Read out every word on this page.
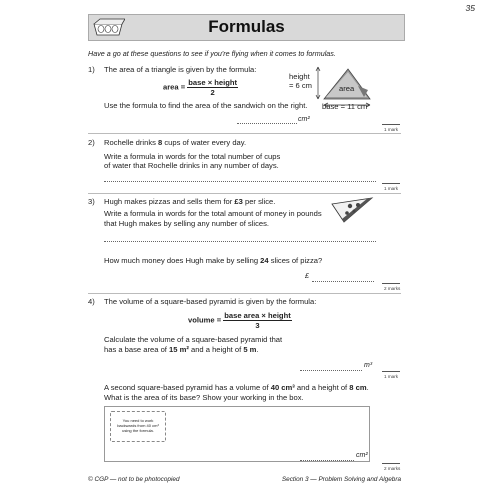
35
Formulas
Have a go at these questions to see if you're flying when it comes to formulas.
1) The area of a triangle is given by the formula:
area = $\frac{\text{base × height}}{2}$
height
= 6 cm	area
base = 11 cm
Use the formula to find the area of the sandwich on the right.
cm²
1 mark
2) Rochelle drinks 8 cups of water every day.
Write a formula in words for the total number of cups
of water that Rochelle drinks in any number of days.
1 mark
3) Hugh makes pizzas and sells them for £3 per slice.
Write a formula in words for the total amount of money in pounds
that Hugh makes by selling any number of slices.
How much money does Hugh make by selling 24 slices of pizza?
£
2 marks
4) The volume of a square-based pyramid is given by the formula:
volume = $\frac{\text{base area × height}}{3}$
Calculate the volume of a square-based pyramid that
has a base area of 15 m² and a height of 5 m.
m³
1 mark
A second square-based pyramid has a volume of 40 cm³ and a height of 8 cm.
What is the area of its base? Show your working in the box.
You need to work
backwards from 40 cm³
using the formula.
cm²
2 marks
© CGP — not to be photocopied	Section 3 — Problem Solving and Algebra
